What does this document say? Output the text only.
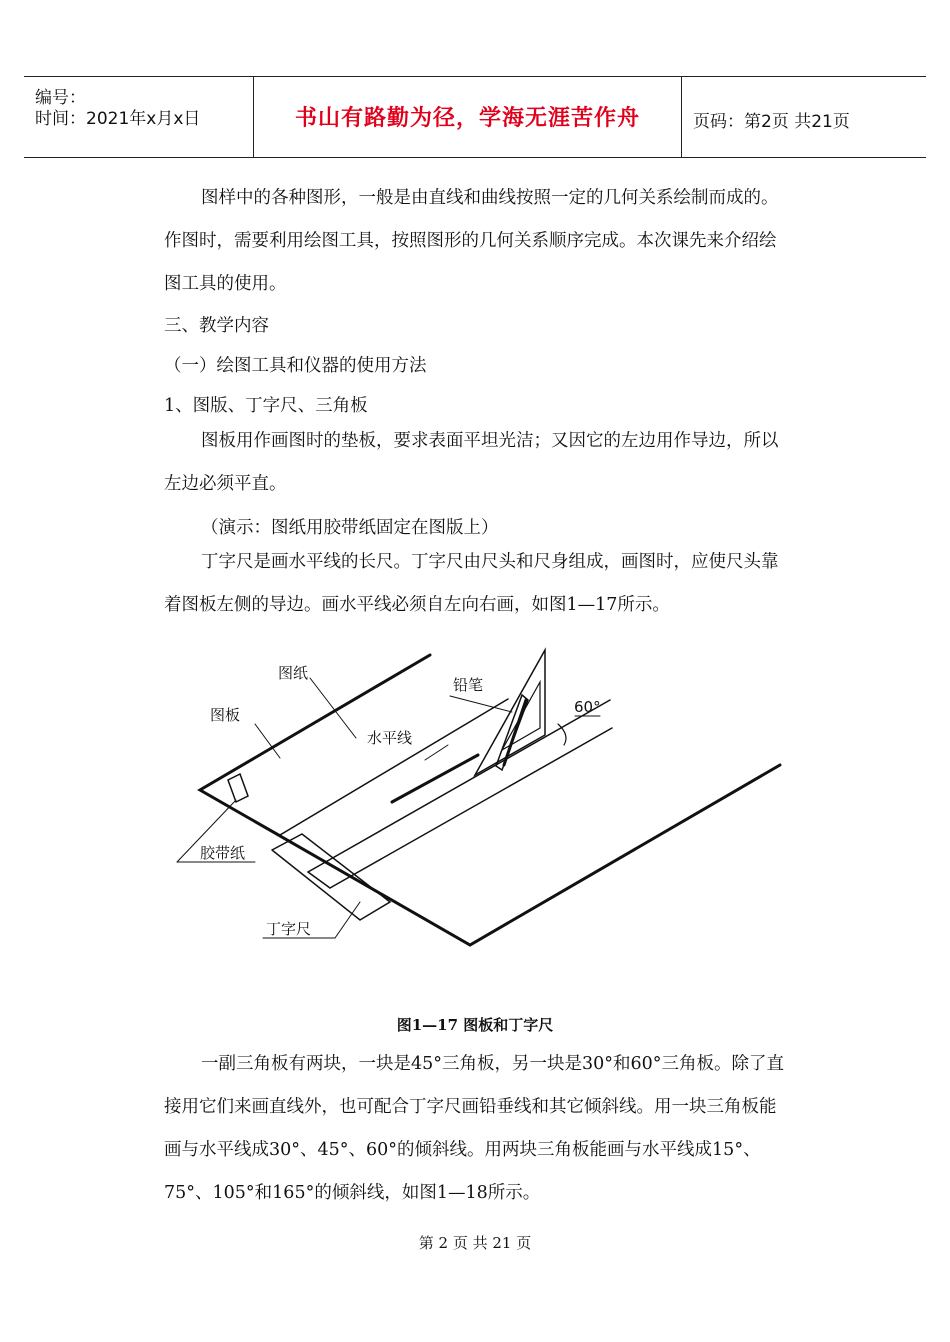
编号：
时间：2021年x月x日	书山有路勤为径，学海无涯苦作舟	页码：第2页 共21页

图样中的各种图形，一般是由直线和曲线按照一定的几何关系绘制而成的。作图时，需要利用绘图工具，按照图形的几何关系顺序完成。本次课先来介绍绘图工具的使用。

三、教学内容
（一）绘图工具和仪器的使用方法
1、图版、丁字尺、三角板

图板用作画图时的垫板，要求表面平坦光洁；又因它的左边用作导边，所以左边必须平直。

（演示：图纸用胶带纸固定在图版上）

丁字尺是画水平线的长尺。丁字尺由尺头和尺身组成，画图时，应使尺头靠着图板左侧的导边。画水平线必须自左向右画，如图1—17所示。

图纸
图板
铅笔
60°
水平线
胶带纸
丁字尺
图1—17 图板和丁字尺

一副三角板有两块，一块是45°三角板，另一块是30°和60°三角板。除了直接用它们来画直线外，也可配合丁字尺画铅垂线和其它倾斜线。用一块三角板能画与水平线成30°、45°、60°的倾斜线。用两块三角板能画与水平线成15°、75°、105°和165°的倾斜线，如图1—18所示。

第 2 页 共 21 页
